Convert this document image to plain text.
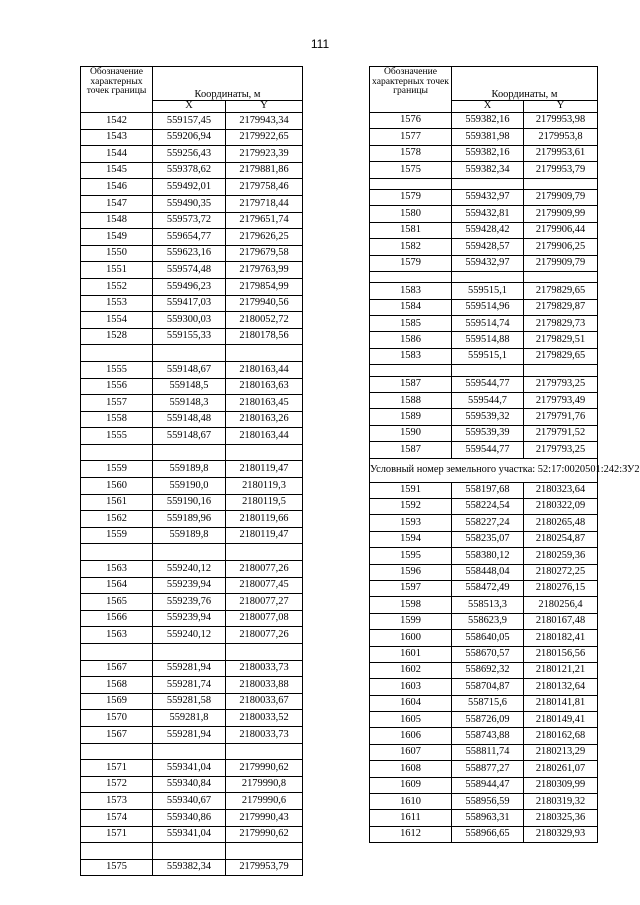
111
Обозначение характерных точек границы	Координаты, м	
	X	Y
1542	559157,45	2179943,34
1543	559206,94	2179922,65
1544	559256,43	2179923,39
1545	559378,62	2179881,86
1546	559492,01	2179758,46
1547	559490,35	2179718,44
1548	559573,72	2179651,74
1549	559654,77	2179626,25
1550	559623,16	2179679,58
1551	559574,48	2179763,99
1552	559496,23	2179854,99
1553	559417,03	2179940,56
1554	559300,03	2180052,72
1528	559155,33	2180178,56

1555	559148,67	2180163,44
1556	559148,5	2180163,63
1557	559148,3	2180163,45
1558	559148,48	2180163,26
1555	559148,67	2180163,44

1559	559189,8	2180119,47
1560	559190,0	2180119,3
1561	559190,16	2180119,5
1562	559189,96	2180119,66
1559	559189,8	2180119,47

1563	559240,12	2180077,26
1564	559239,94	2180077,45
1565	559239,76	2180077,27
1566	559239,94	2180077,08
1563	559240,12	2180077,26

1567	559281,94	2180033,73
1568	559281,74	2180033,88
1569	559281,58	2180033,67
1570	559281,8	2180033,52
1567	559281,94	2180033,73

1571	559341,04	2179990,62
1572	559340,84	2179990,8
1573	559340,67	2179990,6
1574	559340,86	2179990,43
1571	559341,04	2179990,62

1575	559382,34	2179953,79
Обозначение характерных точек границы	Координаты, м	
	X	Y
1576	559382,16	2179953,98
1577	559381,98	2179953,8
1578	559382,16	2179953,61
1575	559382,34	2179953,79

1579	559432,97	2179909,79
1580	559432,81	2179909,99
1581	559428,42	2179906,44
1582	559428,57	2179906,25
1579	559432,97	2179909,79

1583	559515,1	2179829,65
1584	559514,96	2179829,87
1585	559514,74	2179829,73
1586	559514,88	2179829,51
1583	559515,1	2179829,65

1587	559544,77	2179793,25
1588	559544,7	2179793,49
1589	559539,32	2179791,76
1590	559539,39	2179791,52
1587	559544,77	2179793,25
Условный номер земельного участка: 52:17:0020501:242:ЗУ2		
1591	558197,68	2180323,64
1592	558224,54	2180322,09
1593	558227,24	2180265,48
1594	558235,07	2180254,87
1595	558380,12	2180259,36
1596	558448,04	2180272,25
1597	558472,49	2180276,15
1598	558513,3	2180256,4
1599	558623,9	2180167,48
1600	558640,05	2180182,41
1601	558670,57	2180156,56
1602	558692,32	2180121,21
1603	558704,87	2180132,64
1604	558715,6	2180141,81
1605	558726,09	2180149,41
1606	558743,88	2180162,68
1607	558811,74	2180213,29
1608	558877,27	2180261,07
1609	558944,47	2180309,99
1610	558956,59	2180319,32
1611	558963,31	2180325,36
1612	558966,65	2180329,93
